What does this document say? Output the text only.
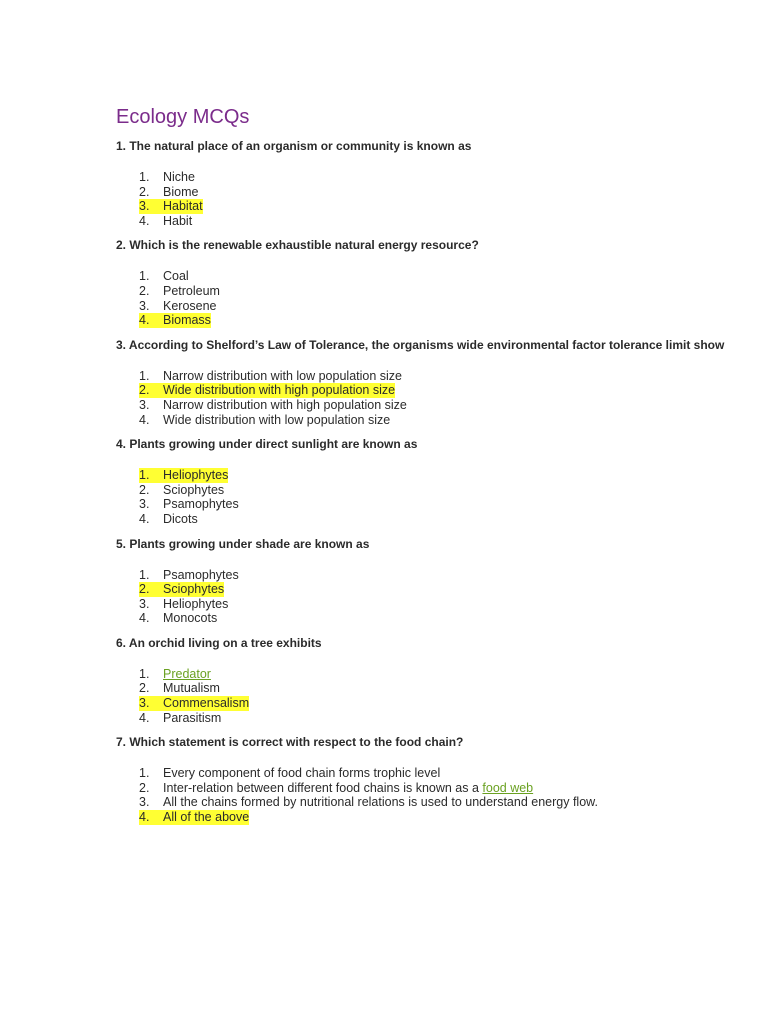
Ecology MCQs

1. The natural place of an organism or community is known as

1. Niche
2. Biome
3.	Habitat
4. Habit

2. Which is the renewable exhaustible natural energy resource?

1. Coal
2. Petroleum
3. Kerosene
4.	Biomass

3. According to Shelford’s Law of Tolerance, the organisms wide environmental factor tolerance limit show

1. Narrow distribution with low population size
2.	Wide distribution with high population size
3. Narrow distribution with high population size
4. Wide distribution with low population size

4. Plants growing under direct sunlight are known as

1.	Heliophytes
2. Sciophytes
3. Psamophytes
4. Dicots

5. Plants growing under shade are known as

1. Psamophytes
2.	Sciophytes
3. Heliophytes
4. Monocots

6. An orchid living on a tree exhibits

1. Predator
2. Mutualism
3.	Commensalism
4. Parasitism

7. Which statement is correct with respect to the food chain?

1. Every component of food chain forms trophic level
2. Inter-relation between different food chains is known as a food web
3. All the chains formed by nutritional relations is used to understand energy flow.
4.	All of the above
